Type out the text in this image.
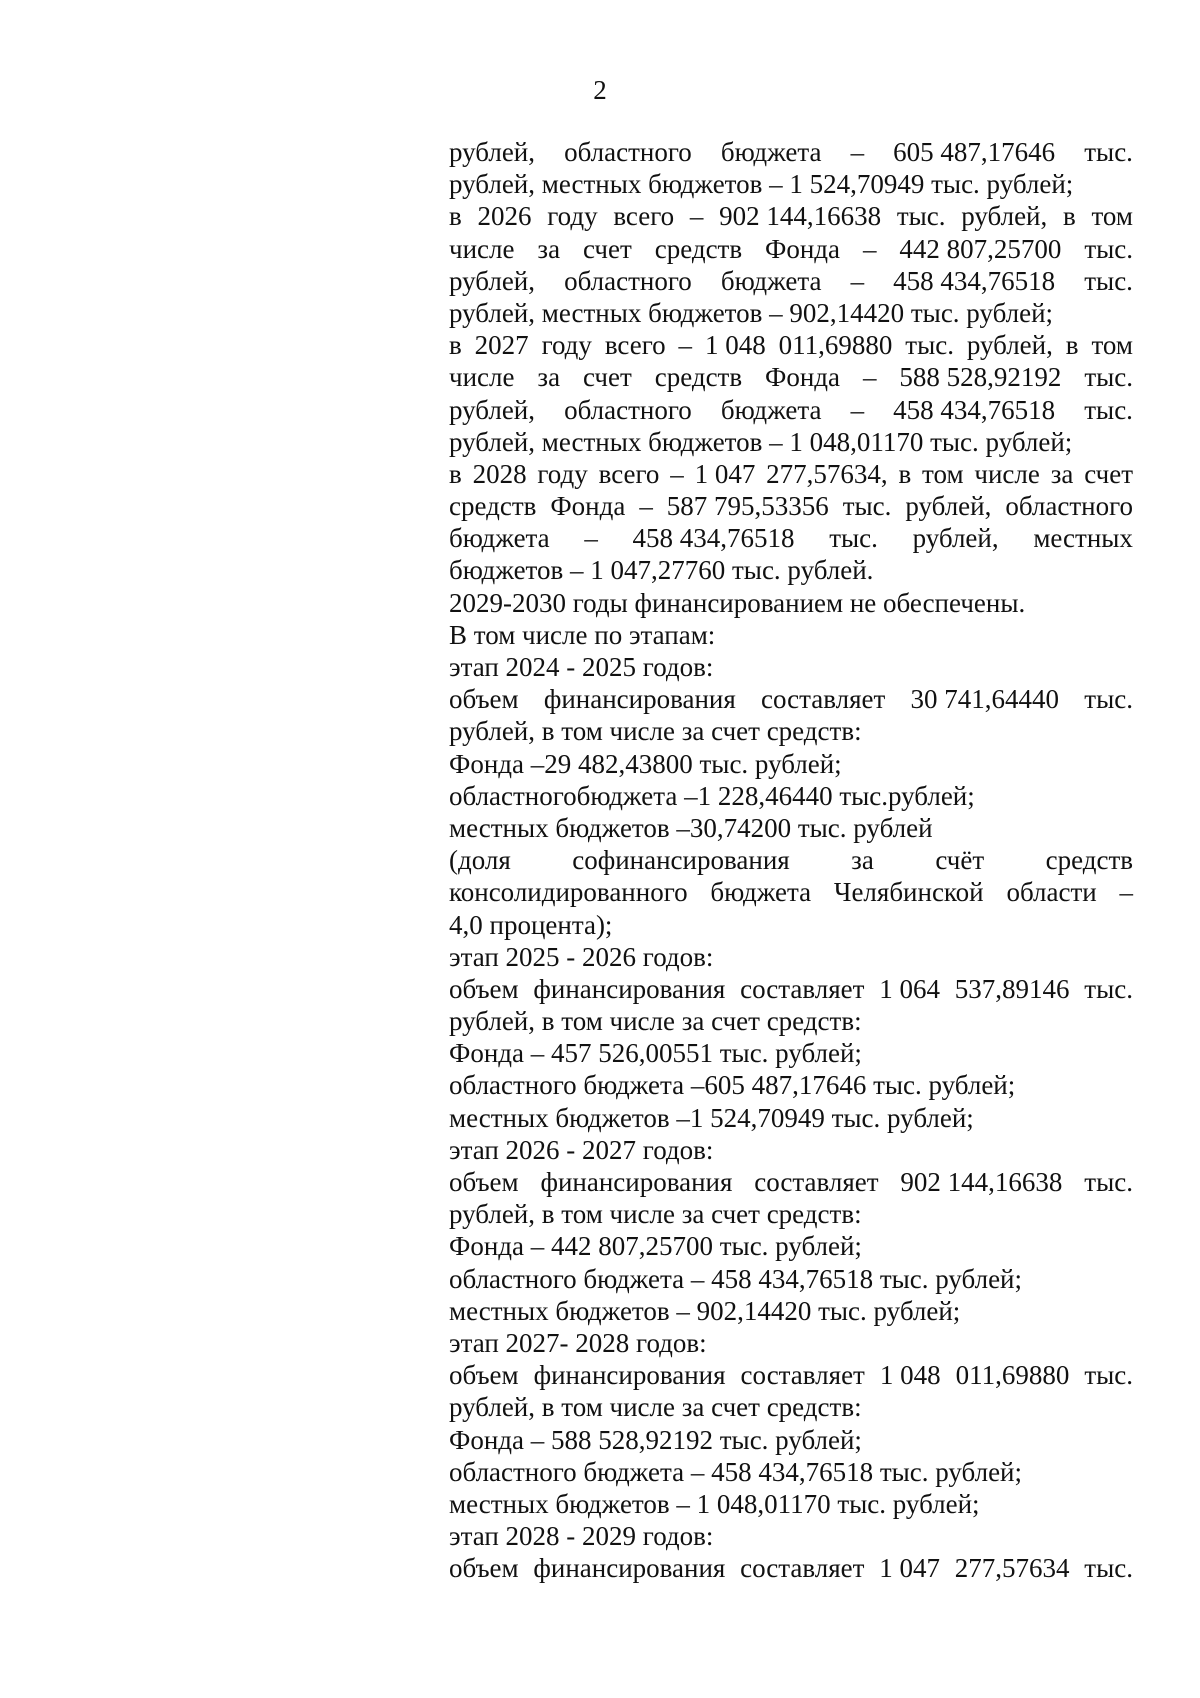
2
рублей, областного бюджета – 605 487,17646 тыс.
рублей, местных бюджетов – 1 524,70949 тыс. рублей;
в 2026 году всего – 902 144,16638 тыс. рублей, в том
числе за счет средств Фонда – 442 807,25700 тыс.
рублей, областного бюджета – 458 434,76518 тыс.
рублей, местных бюджетов – 902,14420 тыс. рублей;
в 2027 году всего – 1 048 011,69880 тыс. рублей, в том
числе за счет средств Фонда – 588 528,92192 тыс.
рублей, областного бюджета – 458 434,76518 тыс.
рублей, местных бюджетов – 1 048,01170 тыс. рублей;
в 2028 году всего – 1 047 277,57634, в том числе за счет
средств Фонда – 587 795,53356 тыс. рублей, областного
бюджета – 458 434,76518 тыс. рублей, местных
бюджетов – 1 047,27760 тыс. рублей.
2029-2030 годы финансированием не обеспечены.
В том числе по этапам:
этап 2024 - 2025 годов:
объем финансирования составляет 30 741,64440 тыс.
рублей, в том числе за счет средств:
Фонда –29 482,43800 тыс. рублей;
областногобюджета –1 228,46440 тыс.рублей;
местных бюджетов –30,74200 тыс. рублей
(доля софинансирования за счёт средств
консолидированного бюджета Челябинской области –
4,0 процента);
этап 2025 - 2026 годов:
объем финансирования составляет 1 064 537,89146 тыс.
рублей, в том числе за счет средств:
Фонда – 457 526,00551 тыс. рублей;
областного бюджета –605 487,17646 тыс. рублей;
местных бюджетов –1 524,70949 тыс. рублей;
этап 2026 - 2027 годов:
объем финансирования составляет 902 144,16638 тыс.
рублей, в том числе за счет средств:
Фонда – 442 807,25700 тыс. рублей;
областного бюджета – 458 434,76518 тыс. рублей;
местных бюджетов – 902,14420 тыс. рублей;
этап 2027- 2028 годов:
объем финансирования составляет 1 048 011,69880 тыс.
рублей, в том числе за счет средств:
Фонда – 588 528,92192 тыс. рублей;
областного бюджета – 458 434,76518 тыс. рублей;
местных бюджетов – 1 048,01170 тыс. рублей;
этап 2028 - 2029 годов:
объем финансирования составляет 1 047 277,57634 тыс.
